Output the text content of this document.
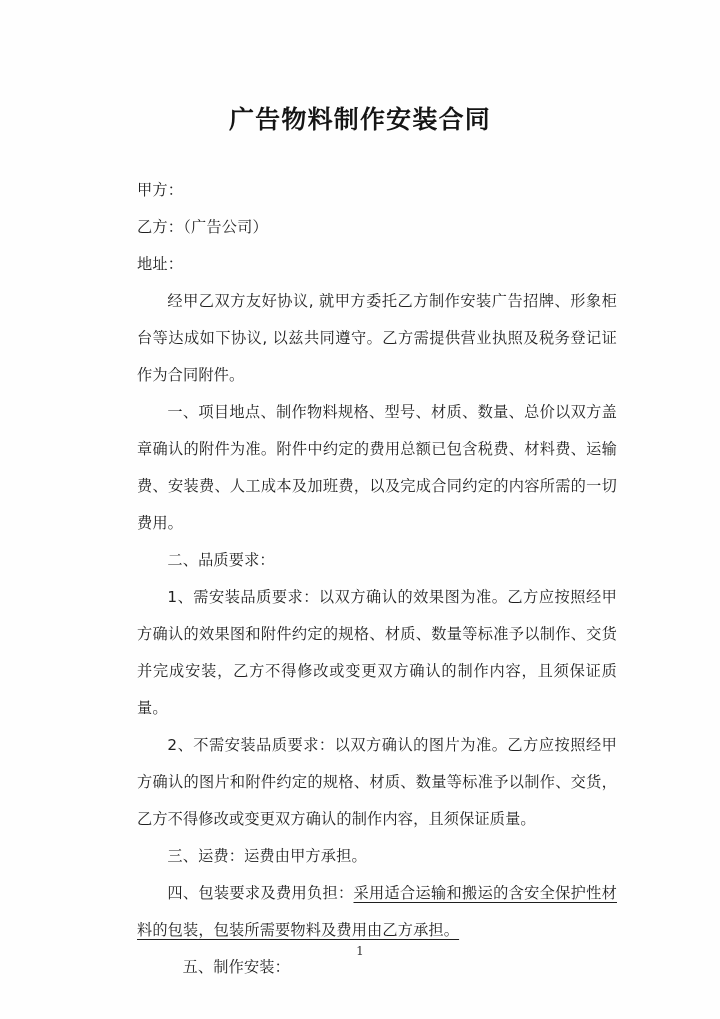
广告物料制作安装合同

甲方：

乙方：（广告公司）

地址：

经甲乙双方友好协议, 就甲方委托乙方制作安装广告招牌、形象柜台等达成如下协议, 以兹共同遵守。乙方需提供营业执照及税务登记证作为合同附件。

一、项目地点、制作物料规格、型号、材质、数量、总价以双方盖章确认的附件为准。附件中约定的费用总额已包含税费、材料费、运输费、安装费、人工成本及加班费，以及完成合同约定的内容所需的一切费用。

二、品质要求：

1、需安装品质要求：以双方确认的效果图为准。乙方应按照经甲方确认的效果图和附件约定的规格、材质、数量等标准予以制作、交货并完成安装，乙方不得修改或变更双方确认的制作内容，且须保证质量。

2、不需安装品质要求：以双方确认的图片为准。乙方应按照经甲方确认的图片和附件约定的规格、材质、数量等标准予以制作、交货，乙方不得修改或变更双方确认的制作内容，且须保证质量。

三、运费：运费由甲方承担。

四、包装要求及费用负担：采用适合运输和搬运的含安全保护性材料的包装，包装所需要物料及费用由乙方承担。

五、制作安装：

1
